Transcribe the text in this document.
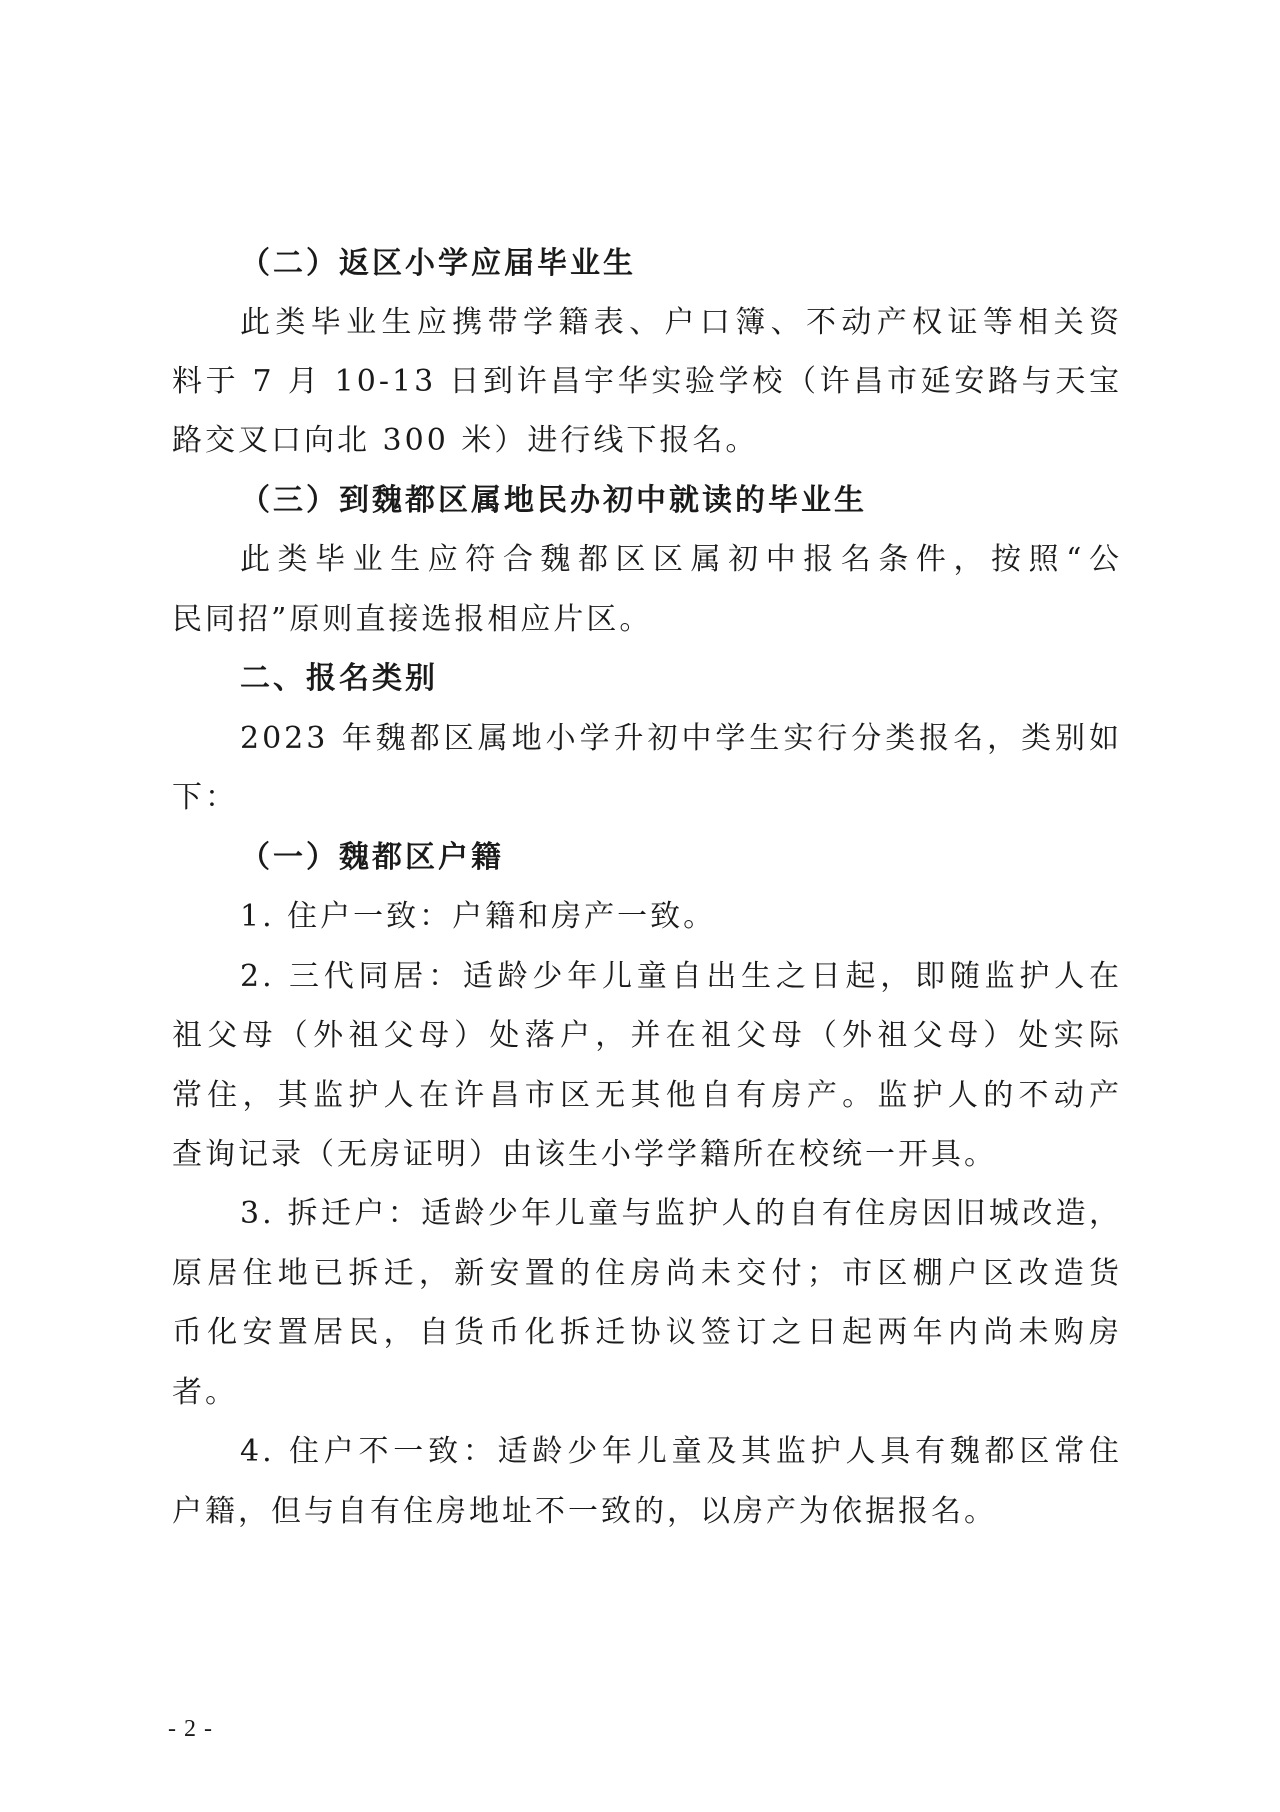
（二）返区小学应届毕业生
此类毕业生应携带学籍表、户口簿、不动产权证等相关资
料于 7 月 10-13 日到许昌宇华实验学校（许昌市延安路与天宝
路交叉口向北 300 米）进行线下报名。
（三）到魏都区属地民办初中就读的毕业生
此类毕业生应符合魏都区区属初中报名条件，按照“公
民同招”原则直接选报相应片区。
二、报名类别
2023 年魏都区属地小学升初中学生实行分类报名，类别如
下：
（一）魏都区户籍
1. 住户一致：户籍和房产一致。
2. 三代同居：适龄少年儿童自出生之日起，即随监护人在
祖父母（外祖父母）处落户，并在祖父母（外祖父母）处实际
常住，其监护人在许昌市区无其他自有房产。监护人的不动产
查询记录（无房证明）由该生小学学籍所在校统一开具。
3. 拆迁户：适龄少年儿童与监护人的自有住房因旧城改造，
原居住地已拆迁，新安置的住房尚未交付；市区棚户区改造货
币化安置居民，自货币化拆迁协议签订之日起两年内尚未购房
者。
4. 住户不一致：适龄少年儿童及其监护人具有魏都区常住
户籍，但与自有住房地址不一致的，以房产为依据报名。
- 2 -
